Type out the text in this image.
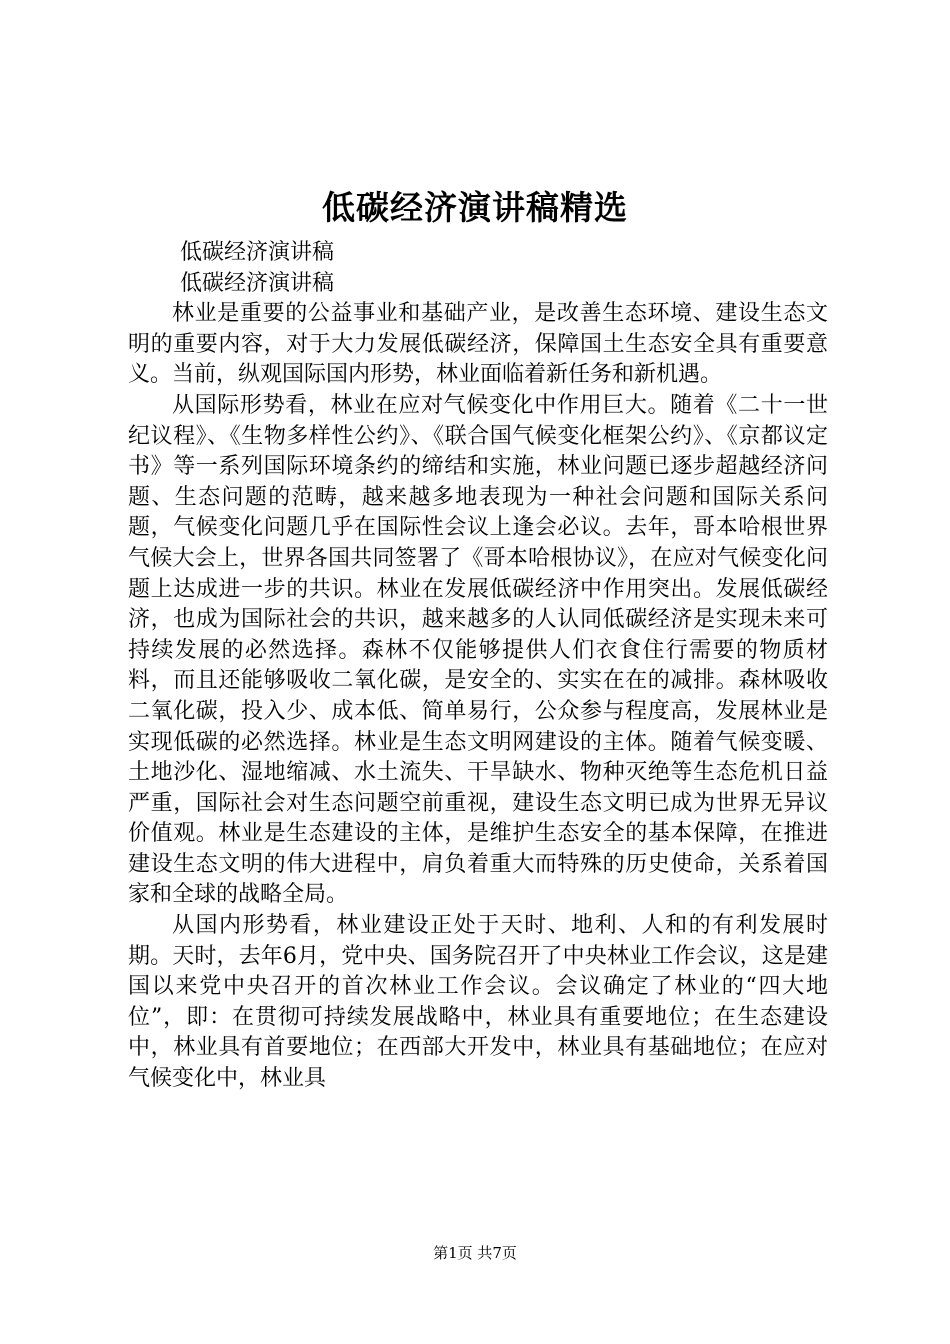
低碳经济演讲稿精选
低碳经济演讲稿
低碳经济演讲稿

林业是重要的公益事业和基础产业，是改善生态环境、建设生态文明的重要内容，对于大力发展低碳经济，保障国土生态安全具有重要意义。当前，纵观国际国内形势，林业面临着新任务和新机遇。

从国际形势看，林业在应对气候变化中作用巨大。随着《二十一世纪议程》、《生物多样性公约》、《联合国气候变化框架公约》、《京都议定书》等一系列国际环境条约的缔结和实施，林业问题已逐步超越经济问题、生态问题的范畴，越来越多地表现为一种社会问题和国际关系问题，气候变化问题几乎在国际性会议上逢会必议。去年，哥本哈根世界气候大会上，世界各国共同签署了《哥本哈根协议》，在应对气候变化问题上达成进一步的共识。林业在发展低碳经济中作用突出。发展低碳经济，也成为国际社会的共识，越来越多的人认同低碳经济是实现未来可持续发展的必然选择。森林不仅能够提供人们衣食住行需要的物质材料，而且还能够吸收二氧化碳，是安全的、实实在在的减排。森林吸收二氧化碳，投入少、成本低、简单易行，公众参与程度高，发展林业是实现低碳的必然选择。林业是生态文明网建设的主体。随着气候变暖、土地沙化、湿地缩减、水土流失、干旱缺水、物种灭绝等生态危机日益严重，国际社会对生态问题空前重视，建设生态文明已成为世界无异议价值观。林业是生态建设的主体，是维护生态安全的基本保障，在推进建设生态文明的伟大进程中，肩负着重大而特殊的历史使命，关系着国家和全球的战略全局。

从国内形势看，林业建设正处于天时、地利、人和的有利发展时期。天时，去年6月，党中央、国务院召开了中央林业工作会议，这是建国以来党中央召开的首次林业工作会议。会议确定了林业的“四大地位”，即：在贯彻可持续发展战略中，林业具有重要地位；在生态建设中，林业具有首要地位；在西部大开发中，林业具有基础地位；在应对气候变化中，林业具

第1页 共7页
